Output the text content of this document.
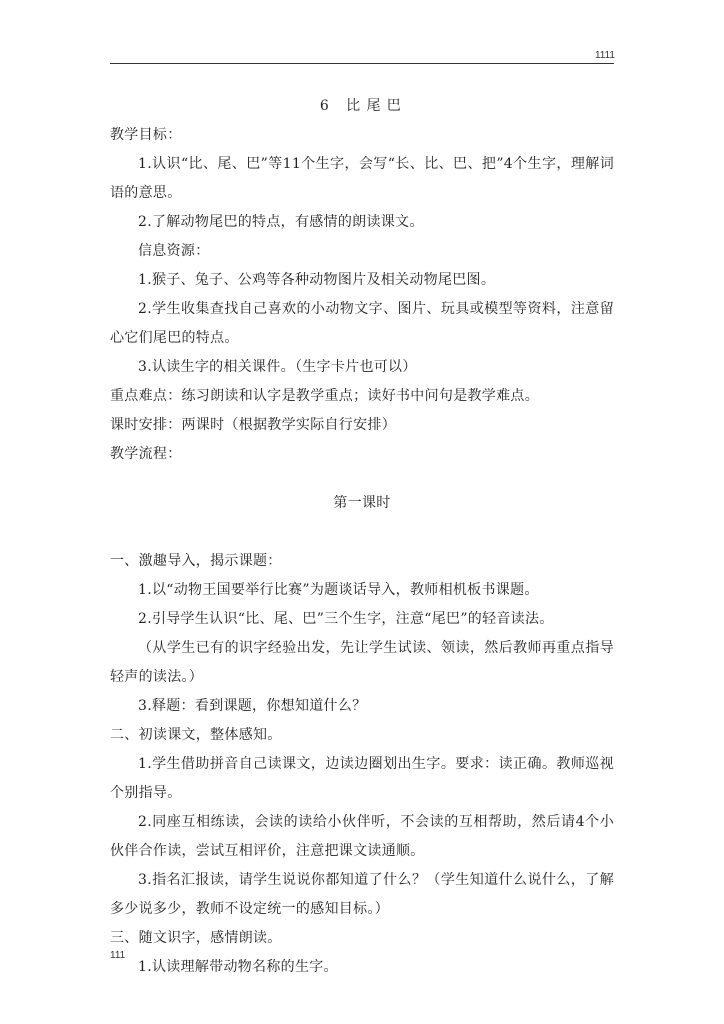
1111
6 比 尾 巴
教学目标：
1.认识“比、尾、巴”等11个生字，会写“长、比、巴、把”4个生字，理解词语的意思。
2.了解动物尾巴的特点，有感情的朗读课文。
信息资源：
1.猴子、兔子、公鸡等各种动物图片及相关动物尾巴图。
2.学生收集查找自己喜欢的小动物文字、图片、玩具或模型等资料，注意留心它们尾巴的特点。
3.认读生字的相关课件。（生字卡片也可以）
重点难点：练习朗读和认字是教学重点；读好书中问句是教学难点。
课时安排：两课时（根据教学实际自行安排）
教学流程：
第一课时
一、激趣导入，揭示课题：
1.以“动物王国要举行比赛”为题谈话导入，教师相机板书课题。
2.引导学生认识“比、尾、巴”三个生字，注意“尾巴”的轻音读法。
（从学生已有的识字经验出发，先让学生试读、领读，然后教师再重点指导轻声的读法。）
3.释题：看到课题，你想知道什么？
二、初读课文，整体感知。
1.学生借助拼音自己读课文，边读边圈划出生字。要求：读正确。教师巡视个别指导。
2.同座互相练读，会读的读给小伙伴听，不会读的互相帮助，然后请4个小伙伴合作读，尝试互相评价，注意把课文读通顺。
3.指名汇报读，请学生说说你都知道了什么？（学生知道什么说什么，了解多少说多少，教师不设定统一的感知目标。）
三、随文识字，感情朗读。
1.认读理解带动物名称的生字。
111
